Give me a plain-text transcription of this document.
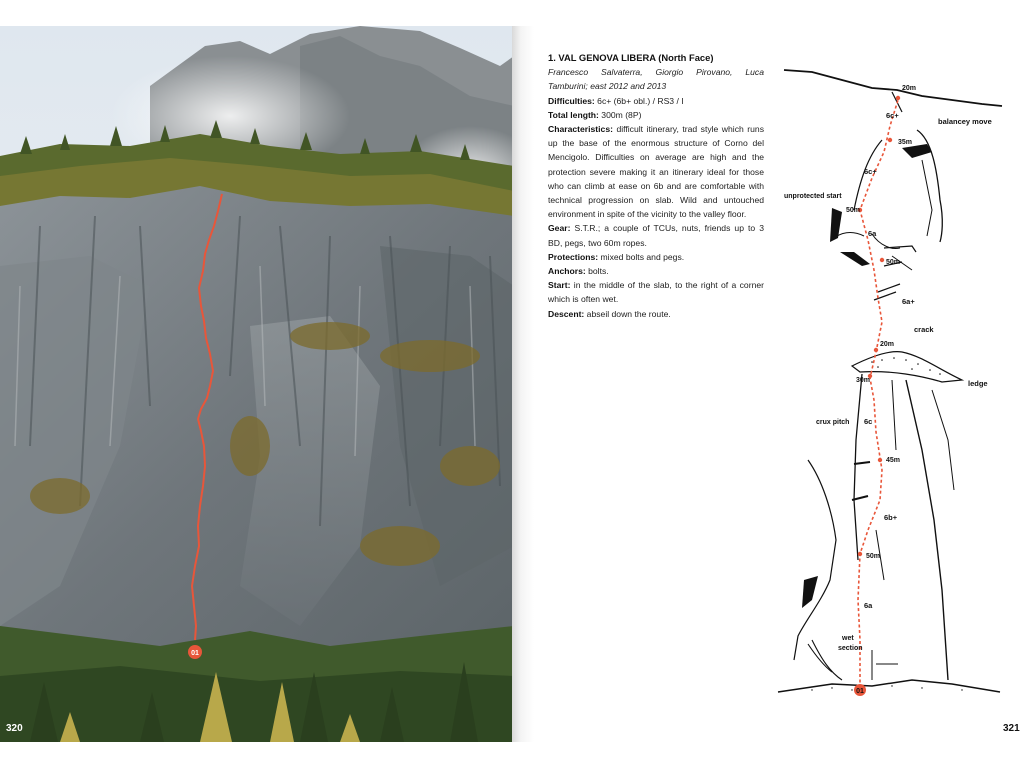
01
320

1. VAL GENOVA LIBERA (North Face)

Francesco Salvaterra, Giorgio Pirovano, Luca Tamburini; east 2012 and 2013

Difficulties: 6c+ (6b+ obl.) / RS3 / I

Total length: 300m (8P)

Characteristics: difficult itinerary, trad style which runs up the base of the enormous structure of Corno del Mencigolo. Difficulties on average are high and the protection severe making it an itinerary ideal for those who can climb at ease on 6b and are comfortable with technical progression on slab. Wild and untouched environment in spite of the vicinity to the valley floor.

Gear: S.T.R.; a couple of TCUs, nuts, friends up to 3 BD, pegs, two 60m ropes.

Protections: mixed bolts and pegs.

Anchors: bolts.

Start: in the middle of the slab, to the right of a corner which is often wet.

Descent: abseil down the route.

01
20m
6c+
balancey move
35m
6c+
unprotected start
50m
6a
50m
6a+
crack
20m
30m	ledge
crux pitch 6c
45m
6b+
50m
6a
wet
section
321
